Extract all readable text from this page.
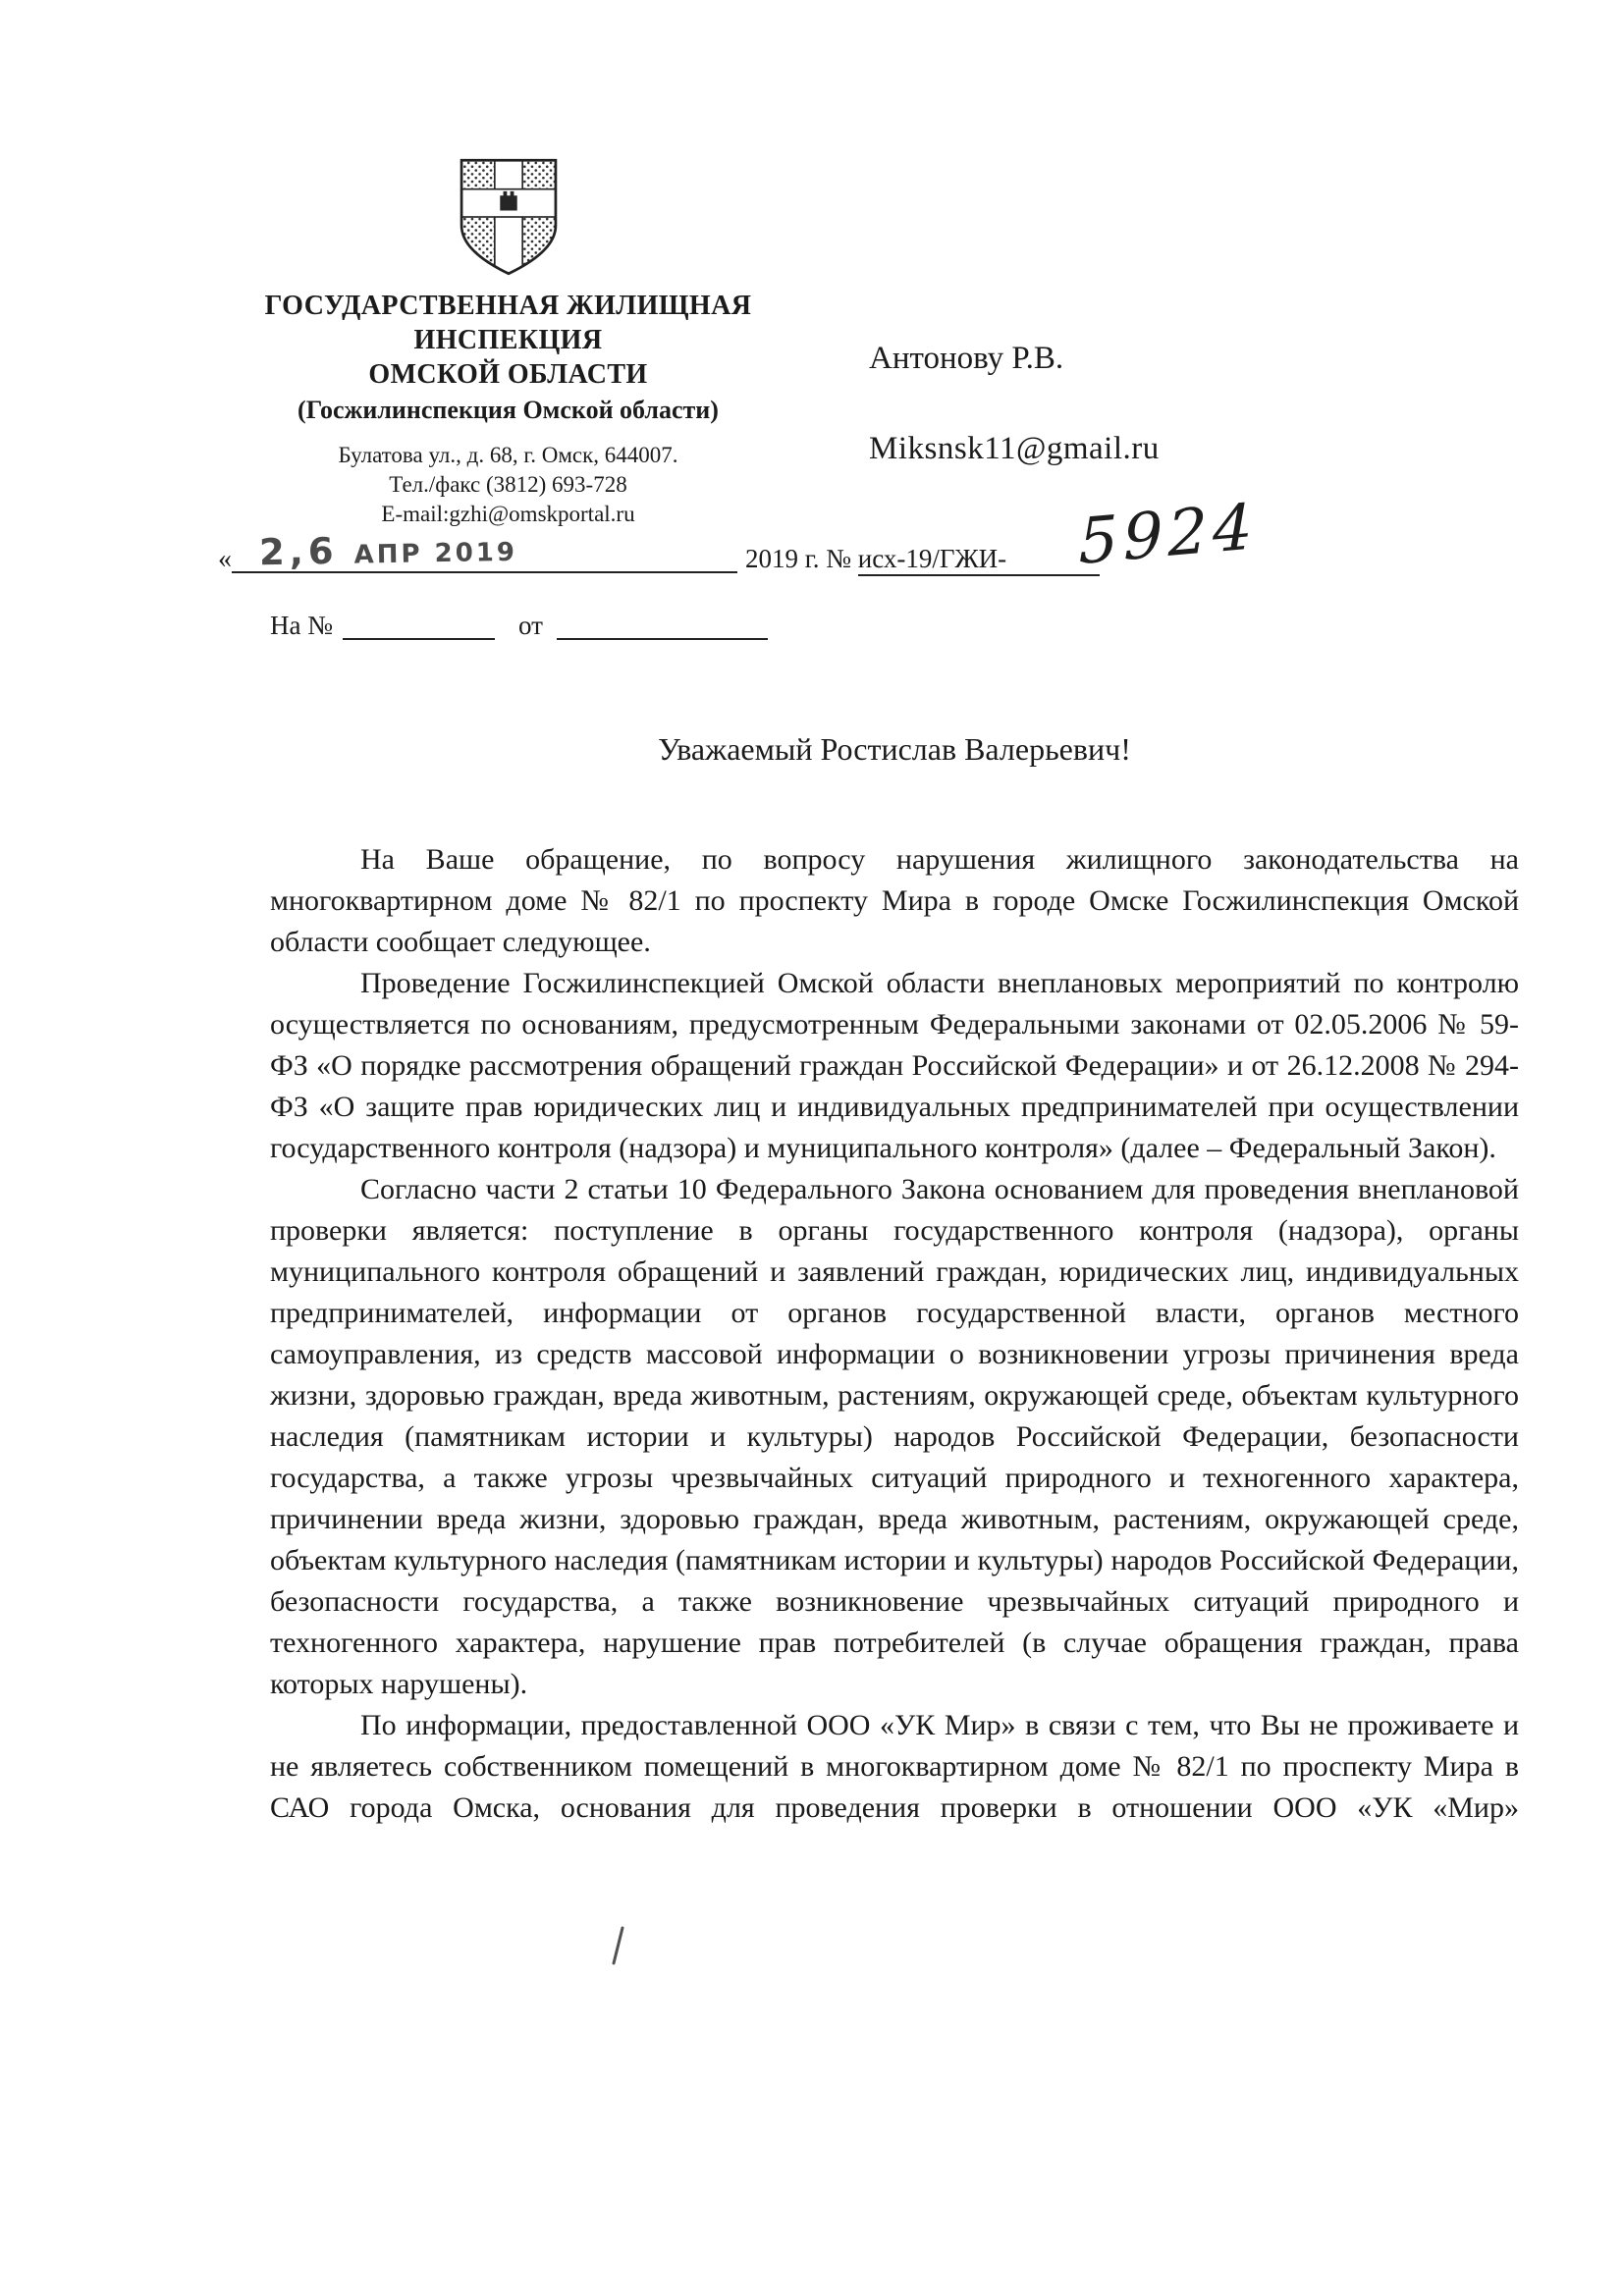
ГОСУДАРСТВЕННАЯ ЖИЛИЩНАЯ
ИНСПЕКЦИЯ
ОМСКОЙ ОБЛАСТИ
(Госжилинспекция Омской области)
Булатова ул., д. 68, г. Омск, 644007.
Тел./факс (3812) 693-728
E-mail:gzhi@omskportal.ru
Антонову Р.В.
Miksnsk11@gmail.ru
« 2,6 АПР 2019	2019 г. № исх-19/ГЖИ-	5924
На №	от
Уважаемый Ростислав Валерьевич!

На Ваше обращение, по вопросу нарушения жилищного законодательства на многоквартирном доме № 82/1 по проспекту Мира в городе Омске Госжилинспекция Омской области сообщает следующее.

Проведение Госжилинспекцией Омской области внеплановых мероприятий по контролю осуществляется по основаниям, предусмотренным Федеральными законами от 02.05.2006 № 59-ФЗ «О порядке рассмотрения обращений граждан Российской Федерации» и от 26.12.2008 № 294-ФЗ «О защите прав юридических лиц и индивидуальных предпринимателей при осуществлении государственного контроля (надзора) и муниципального контроля» (далее – Федеральный Закон).

Согласно части 2 статьи 10 Федерального Закона основанием для проведения внеплановой проверки является: поступление в органы государственного контроля (надзора), органы муниципального контроля обращений и заявлений граждан, юридических лиц, индивидуальных предпринимателей, информации от органов государственной власти, органов местного самоуправления, из средств массовой информации о возникновении угрозы причинения вреда жизни, здоровью граждан, вреда животным, растениям, окружающей среде, объектам культурного наследия (памятникам истории и культуры) народов Российской Федерации, безопасности государства, а также угрозы чрезвычайных ситуаций природного и техногенного характера, причинении вреда жизни, здоровью граждан, вреда животным, растениям, окружающей среде, объектам культурного наследия (памятникам истории и культуры) народов Российской Федерации, безопасности государства, а также возникновение чрезвычайных ситуаций природного и техногенного характера, нарушение прав потребителей (в случае обращения граждан, права которых нарушены).

По информации, предоставленной ООО «УК Мир» в связи с тем, что Вы не проживаете и не являетесь собственником помещений в многоквартирном доме № 82/1 по проспекту Мира в САО города Омска, основания для проведения проверки в отношении ООО «УК «Мир»
